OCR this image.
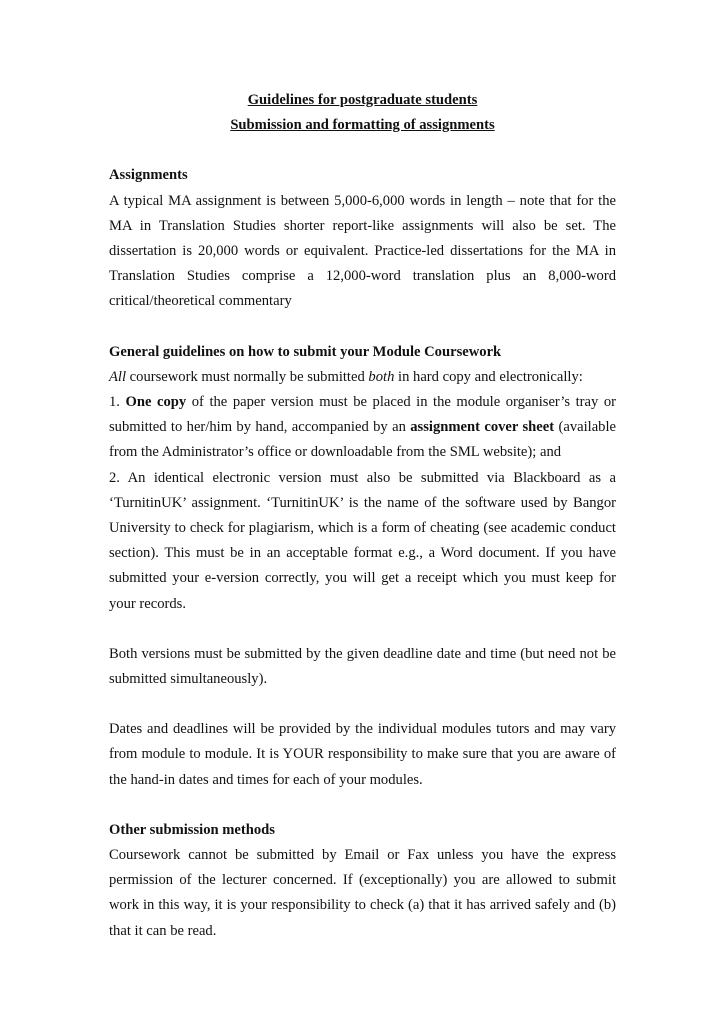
Guidelines for postgraduate students
Submission and formatting of assignments
Assignments

A typical MA assignment is between 5,000-6,000 words in length – note that for the MA in Translation Studies shorter report-like assignments will also be set. The dissertation is 20,000 words or equivalent. Practice-led dissertations for the MA in Translation Studies comprise a 12,000-word translation plus an 8,000-word critical/theoretical commentary

General guidelines on how to submit your Module Coursework

All coursework must normally be submitted both in hard copy and electronically:

1. One copy of the paper version must be placed in the module organiser’s tray or submitted to her/him by hand, accompanied by an assignment cover sheet (available from the Administrator’s office or downloadable from the SML website); and

2. An identical electronic version must also be submitted via Blackboard as a ‘TurnitinUK’ assignment. ‘TurnitinUK’ is the name of the software used by Bangor University to check for plagiarism, which is a form of cheating (see academic conduct section). This must be in an acceptable format e.g., a Word document. If you have submitted your e-version correctly, you will get a receipt which you must keep for your records.

Both versions must be submitted by the given deadline date and time (but need not be submitted simultaneously).

Dates and deadlines will be provided by the individual modules tutors and may vary from module to module. It is YOUR responsibility to make sure that you are aware of the hand-in dates and times for each of your modules.

Other submission methods

Coursework cannot be submitted by Email or Fax unless you have the express permission of the lecturer concerned. If (exceptionally) you are allowed to submit work in this way, it is your responsibility to check (a) that it has arrived safely and (b) that it can be read.
